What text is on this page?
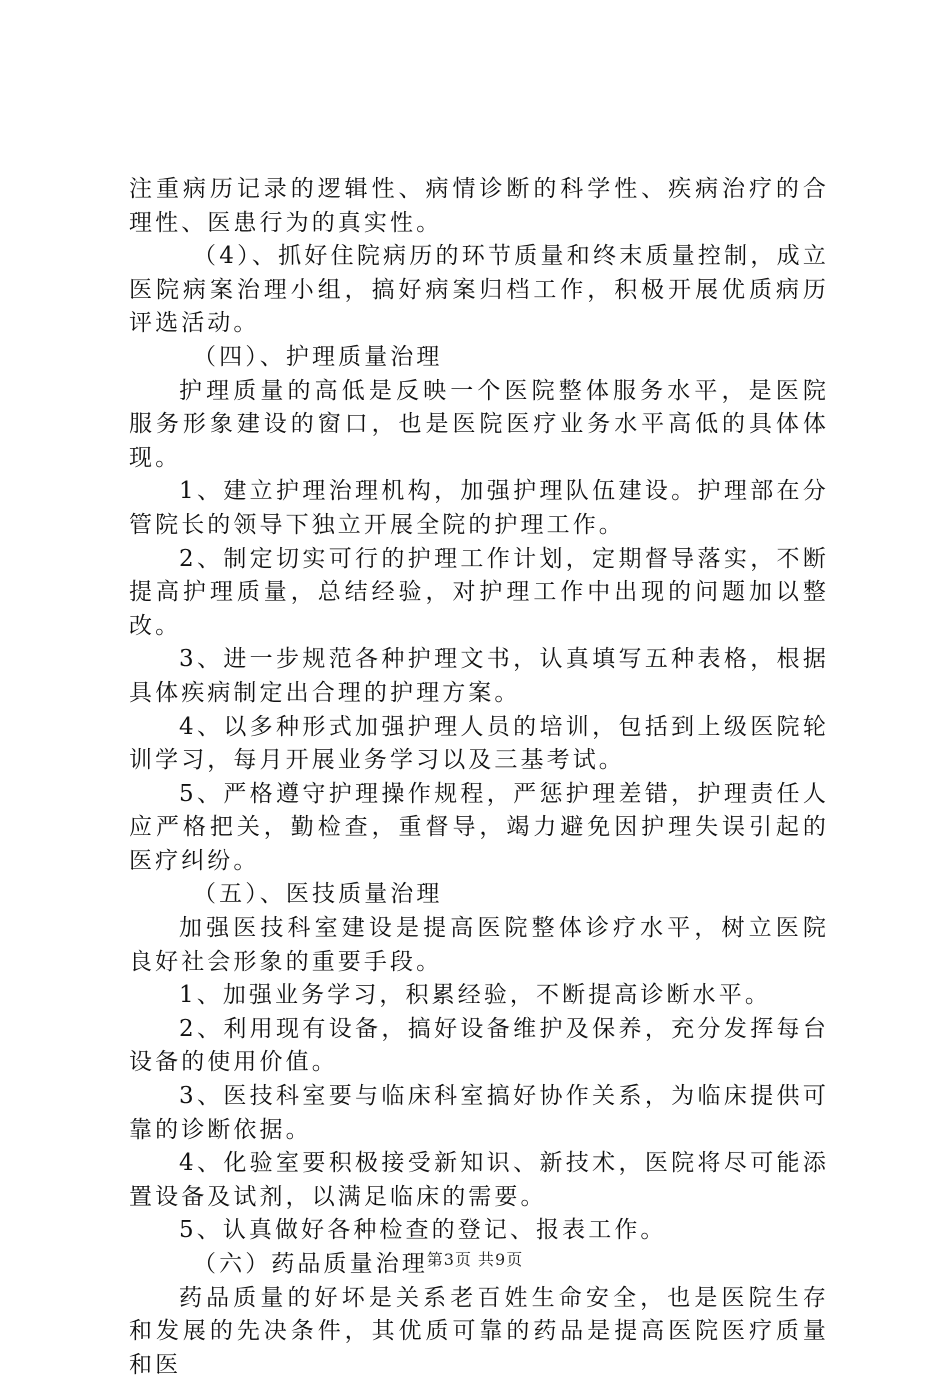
注重病历记录的逻辑性、病情诊断的科学性、疾病治疗的合理性、医患行为的真实性。

（4）、抓好住院病历的环节质量和终末质量控制，成立医院病案治理小组，搞好病案归档工作，积极开展优质病历评选活动。

（四）、护理质量治理

护理质量的高低是反映一个医院整体服务水平，是医院服务形象建设的窗口，也是医院医疗业务水平高低的具体体现。

1、建立护理治理机构，加强护理队伍建设。护理部在分管院长的领导下独立开展全院的护理工作。

2、制定切实可行的护理工作计划，定期督导落实，不断提高护理质量，总结经验，对护理工作中出现的问题加以整改。

3、进一步规范各种护理文书，认真填写五种表格，根据具体疾病制定出合理的护理方案。

4、以多种形式加强护理人员的培训，包括到上级医院轮训学习，每月开展业务学习以及三基考试。

5、严格遵守护理操作规程，严惩护理差错，护理责任人应严格把关，勤检查，重督导，竭力避免因护理失误引起的医疗纠纷。

（五）、医技质量治理

加强医技科室建设是提高医院整体诊疗水平，树立医院良好社会形象的重要手段。

1、加强业务学习，积累经验，不断提高诊断水平。

2、利用现有设备，搞好设备维护及保养，充分发挥每台设备的使用价值。

3、医技科室要与临床科室搞好协作关系，为临床提供可靠的诊断依据。

4、化验室要积极接受新知识、新技术，医院将尽可能添置设备及试剂，以满足临床的需要。

5、认真做好各种检查的登记、报表工作。

（六）药品质量治理

药品质量的好坏是关系老百姓生命安全，也是医院生存和发展的先决条件，其优质可靠的药品是提高医院医疗质量和医

第3页 共9页
